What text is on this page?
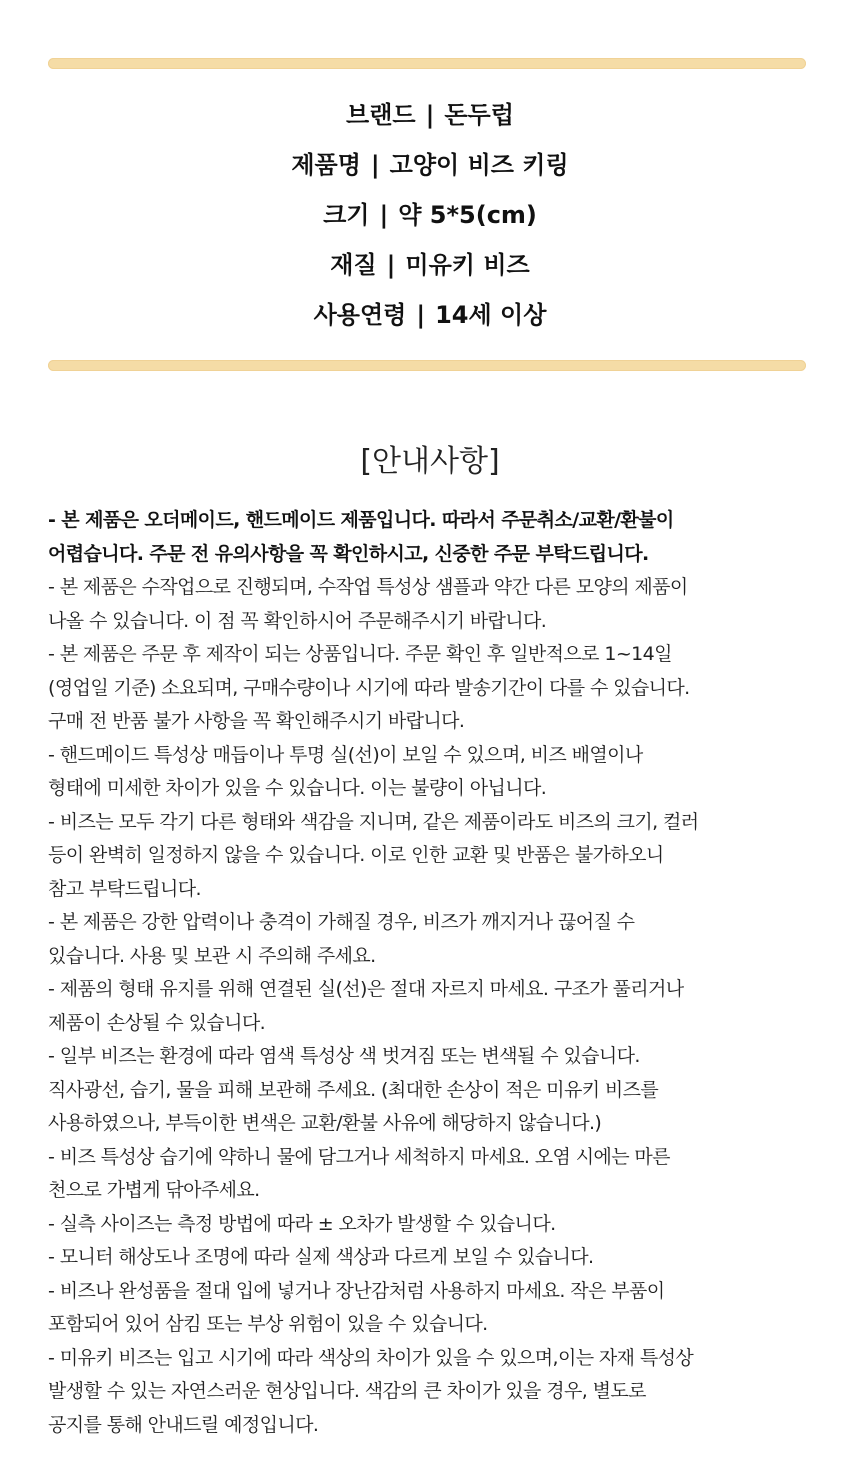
브랜드 | 돈두럽
제품명 | 고양이 비즈 키링
크기 | 약 5*5(cm)
재질 | 미유키 비즈
사용연령 | 14세 이상
[안내사항]
- 본 제품은 오더메이드, 핸드메이드 제품입니다. 따라서 주문취소/교환/환불이
어렵습니다. 주문 전 유의사항을 꼭 확인하시고, 신중한 주문 부탁드립니다.
- 본 제품은 수작업으로 진행되며, 수작업 특성상 샘플과 약간 다른 모양의 제품이
나올 수 있습니다. 이 점 꼭 확인하시어 주문해주시기 바랍니다.
- 본 제품은 주문 후 제작이 되는 상품입니다. 주문 확인 후 일반적으로 1~14일
(영업일 기준) 소요되며, 구매수량이나 시기에 따라 발송기간이 다를 수 있습니다.
구매 전 반품 불가 사항을 꼭 확인해주시기 바랍니다.
- 핸드메이드 특성상 매듭이나 투명 실(선)이 보일 수 있으며, 비즈 배열이나
형태에 미세한 차이가 있을 수 있습니다. 이는 불량이 아닙니다.
- 비즈는 모두 각기 다른 형태와 색감을 지니며, 같은 제품이라도 비즈의 크기, 컬러
등이 완벽히 일정하지 않을 수 있습니다. 이로 인한 교환 및 반품은 불가하오니
참고 부탁드립니다.
- 본 제품은 강한 압력이나 충격이 가해질 경우, 비즈가 깨지거나 끊어질 수
있습니다. 사용 및 보관 시 주의해 주세요.
- 제품의 형태 유지를 위해 연결된 실(선)은 절대 자르지 마세요. 구조가 풀리거나
제품이 손상될 수 있습니다.
- 일부 비즈는 환경에 따라 염색 특성상 색 벗겨짐 또는 변색될 수 있습니다.
직사광선, 습기, 물을 피해 보관해 주세요. (최대한 손상이 적은 미유키 비즈를
사용하였으나, 부득이한 변색은 교환/환불 사유에 해당하지 않습니다.)
- 비즈 특성상 습기에 약하니 물에 담그거나 세척하지 마세요. 오염 시에는 마른
천으로 가볍게 닦아주세요.
- 실측 사이즈는 측정 방법에 따라 ± 오차가 발생할 수 있습니다.
- 모니터 해상도나 조명에 따라 실제 색상과 다르게 보일 수 있습니다.
- 비즈나 완성품을 절대 입에 넣거나 장난감처럼 사용하지 마세요. 작은 부품이
포함되어 있어 삼킴 또는 부상 위험이 있을 수 있습니다.
- 미유키 비즈는 입고 시기에 따라 색상의 차이가 있을 수 있으며,이는 자재 특성상
발생할 수 있는 자연스러운 현상입니다. 색감의 큰 차이가 있을 경우, 별도로
공지를 통해 안내드릴 예정입니다.
